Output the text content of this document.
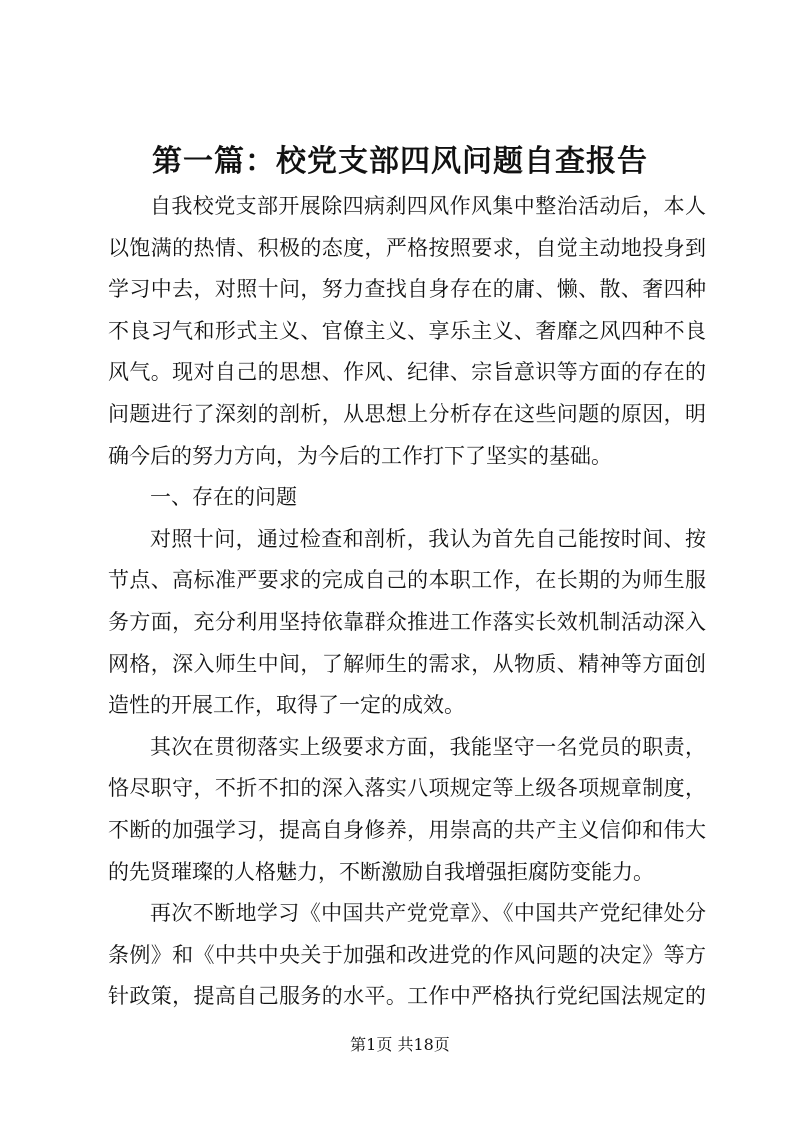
第一篇：校党支部四风问题自查报告
自我校党支部开展除四病刹四风作风集中整治活动后，本人
以饱满的热情、积极的态度，严格按照要求，自觉主动地投身到
学习中去，对照十问，努力查找自身存在的庸、懒、散、奢四种
不良习气和形式主义、官僚主义、享乐主义、奢靡之风四种不良
风气。现对自己的思想、作风、纪律、宗旨意识等方面的存在的
问题进行了深刻的剖析，从思想上分析存在这些问题的原因，明
确今后的努力方向，为今后的工作打下了坚实的基础。
一、存在的问题
对照十问，通过检查和剖析，我认为首先自己能按时间、按
节点、高标准严要求的完成自己的本职工作，在长期的为师生服
务方面，充分利用坚持依靠群众推进工作落实长效机制活动深入
网格，深入师生中间，了解师生的需求，从物质、精神等方面创
造性的开展工作，取得了一定的成效。
其次在贯彻落实上级要求方面，我能坚守一名党员的职责，
恪尽职守，不折不扣的深入落实八项规定等上级各项规章制度，
不断的加强学习，提高自身修养，用崇高的共产主义信仰和伟大
的先贤璀璨的人格魅力，不断激励自我增强拒腐防变能力。
再次不断地学习《中国共产党党章》、《中国共产党纪律处分
条例》和《中共中央关于加强和改进党的作风问题的决定》等方
针政策，提高自己服务的水平。工作中严格执行党纪国法规定的
第1页 共18页
